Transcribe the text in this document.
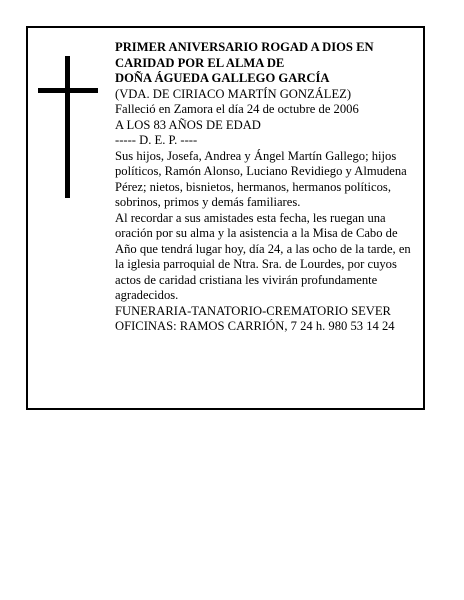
PRIMER ANIVERSARIO ROGAD A DIOS EN

CARIDAD POR EL ALMA DE

DOÑA ÁGUEDA GALLEGO GARCÍA

(VDA. DE CIRIACO MARTÍN GONZÁLEZ)

Falleció en Zamora el día 24 de octubre de 2006

A LOS 83 AÑOS DE EDAD

----- D. E. P. ----

Sus hijos, Josefa, Andrea y Ángel Martín Gallego; hijos políticos, Ramón Alonso, Luciano Revidiego y Almudena Pérez; nietos, bisnietos, hermanos, hermanos políticos, sobrinos, primos y demás familiares.

Al recordar a sus amistades esta fecha, les ruegan una oración por su alma y la asistencia a la Misa de Cabo de Año que tendrá lugar hoy, día 24, a las ocho de la tarde, en la iglesia parroquial de Ntra. Sra. de Lourdes, por cuyos actos de caridad cristiana les vivirán profundamente agradecidos.

FUNERARIA-TANATORIO-CREMATORIO SEVER

OFICINAS: RAMOS CARRIÓN, 7 24 h. 980 53 14 24
